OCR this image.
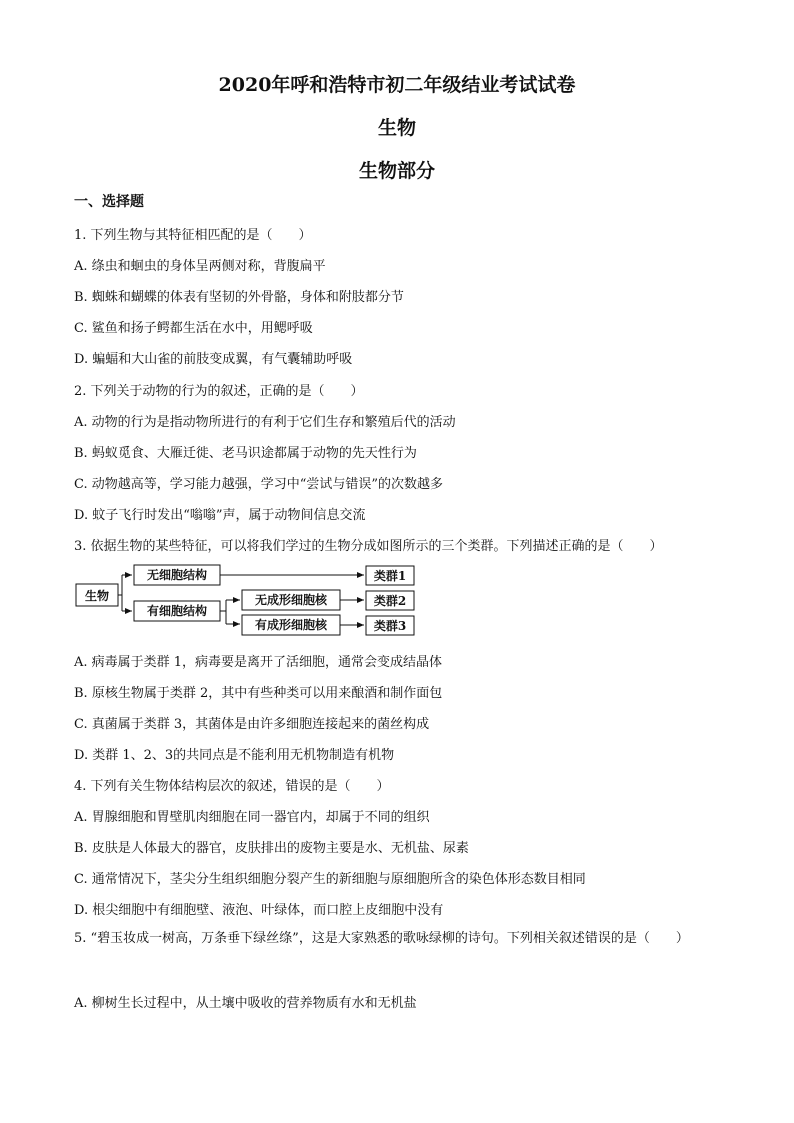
2020年呼和浩特市初二年级结业考试试卷
生物
生物部分
一、选择题
1. 下列生物与其特征相匹配的是（　　）
A. 绦虫和蛔虫的身体呈两侧对称，背腹扁平
B. 蜘蛛和蝴蝶的体表有坚韧的外骨骼，身体和附肢都分节
C. 鲨鱼和扬子鳄都生活在水中，用鳃呼吸
D. 蝙蝠和大山雀的前肢变成翼，有气囊辅助呼吸
2. 下列关于动物的行为的叙述，正确的是（　　）
A. 动物的行为是指动物所进行的有利于它们生存和繁殖后代的活动
B. 蚂蚁觅食、大雁迁徙、老马识途都属于动物的先天性行为
C. 动物越高等，学习能力越强，学习中“尝试与错误”的次数越多
D. 蚊子飞行时发出“嗡嗡”声，属于动物间信息交流
3. 依据生物的某些特征，可以将我们学过的生物分成如图所示的三个类群。下列描述正确的是（　　）
生物
无细胞结构
有细胞结构
无成形细胞核
有成形细胞核
类群1
类群2
类群3
A. 病毒属于类群 1，病毒要是离开了活细胞，通常会变成结晶体
B. 原核生物属于类群 2，其中有些种类可以用来酿酒和制作面包
C. 真菌属于类群 3，其菌体是由许多细胞连接起来的菌丝构成
D. 类群 1、2、3的共同点是不能利用无机物制造有机物
4. 下列有关生物体结构层次的叙述，错误的是（　　）
A. 胃腺细胞和胃壁肌肉细胞在同一器官内，却属于不同的组织
B. 皮肤是人体最大的器官，皮肤排出的废物主要是水、无机盐、尿素
C. 通常情况下，茎尖分生组织细胞分裂产生的新细胞与原细胞所含的染色体形态数目相同
D. 根尖细胞中有细胞壁、液泡、叶绿体，而口腔上皮细胞中没有
5. “碧玉妆成一树高，万条垂下绿丝绦”，这是大家熟悉的歌咏绿柳的诗句。下列相关叙述错误的是（　　）
A. 柳树生长过程中，从土壤中吸收的营养物质有水和无机盐
